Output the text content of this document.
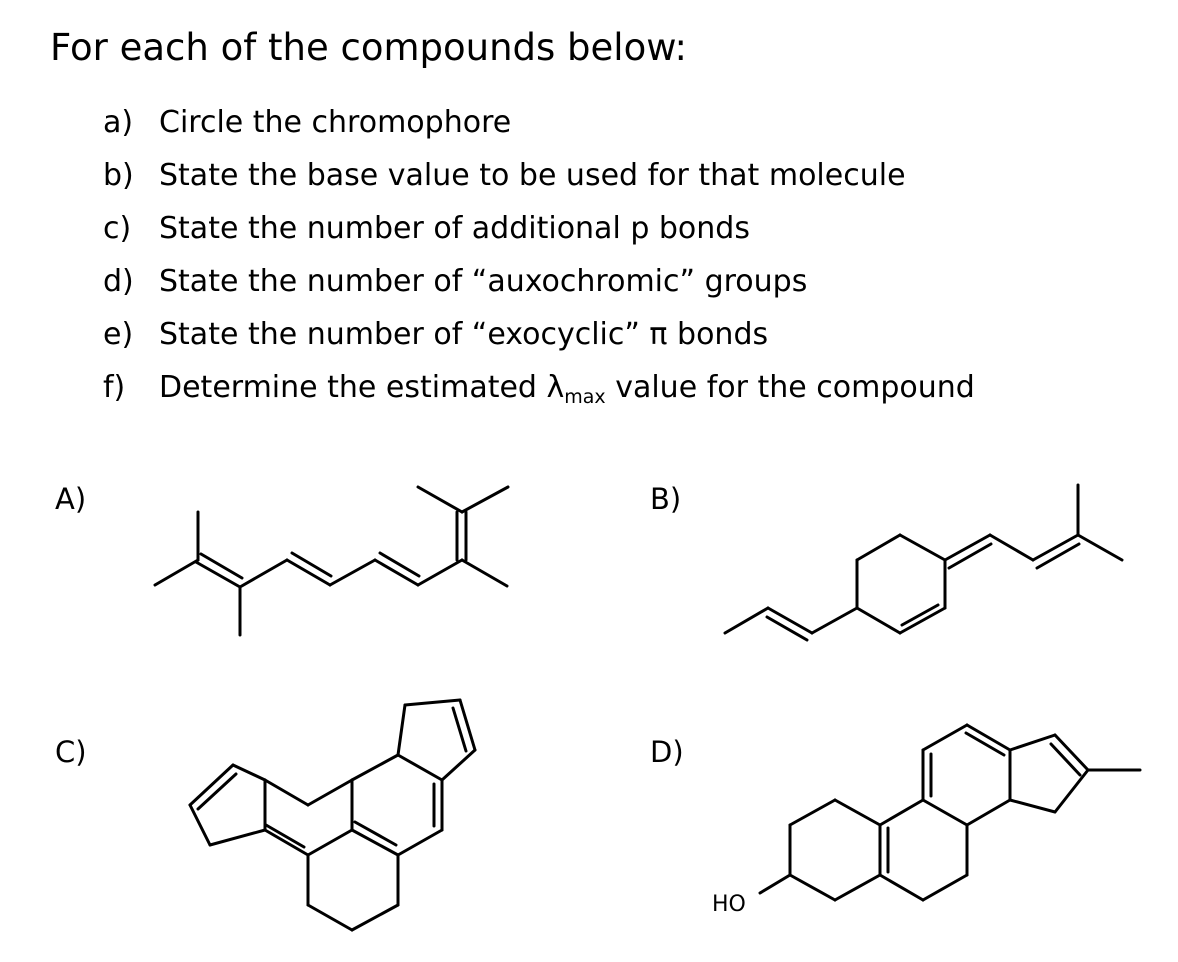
For each of the compounds below:
a) Circle the chromophore
b) State the base value to be used for that molecule
c) State the number of additional p bonds
d) State the number of “auxochromic” groups
e) State the number of “exocyclic” π bonds
f)	Determine the estimated $\lambda_{max}$ value for the compound
A)	B)
C)	D)
HO
